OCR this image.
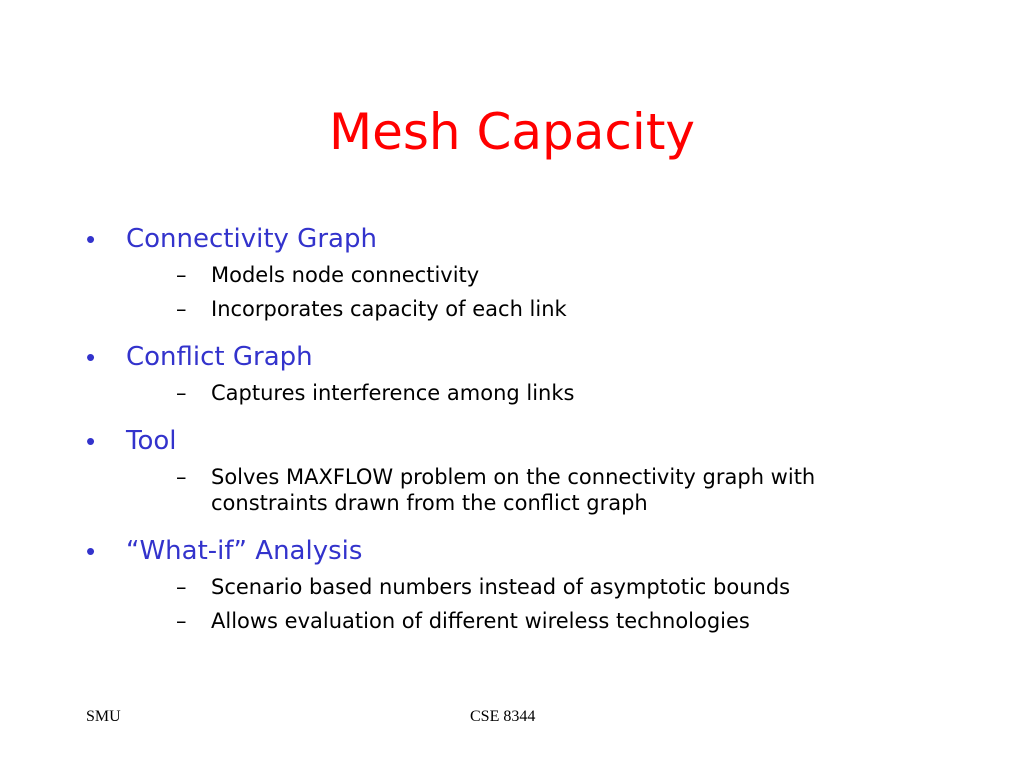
Mesh Capacity
•	Connectivity Graph
– Models node connectivity
– Incorporates capacity of each link
•	Conflict Graph
– Captures interference among links
•	Tool
– Solves MAXFLOW problem on the connectivity graph with constraints drawn from the conflict graph
•	“What-if” Analysis
– Scenario based numbers instead of asymptotic bounds
– Allows evaluation of different wireless technologies
SMU	CSE 8344
